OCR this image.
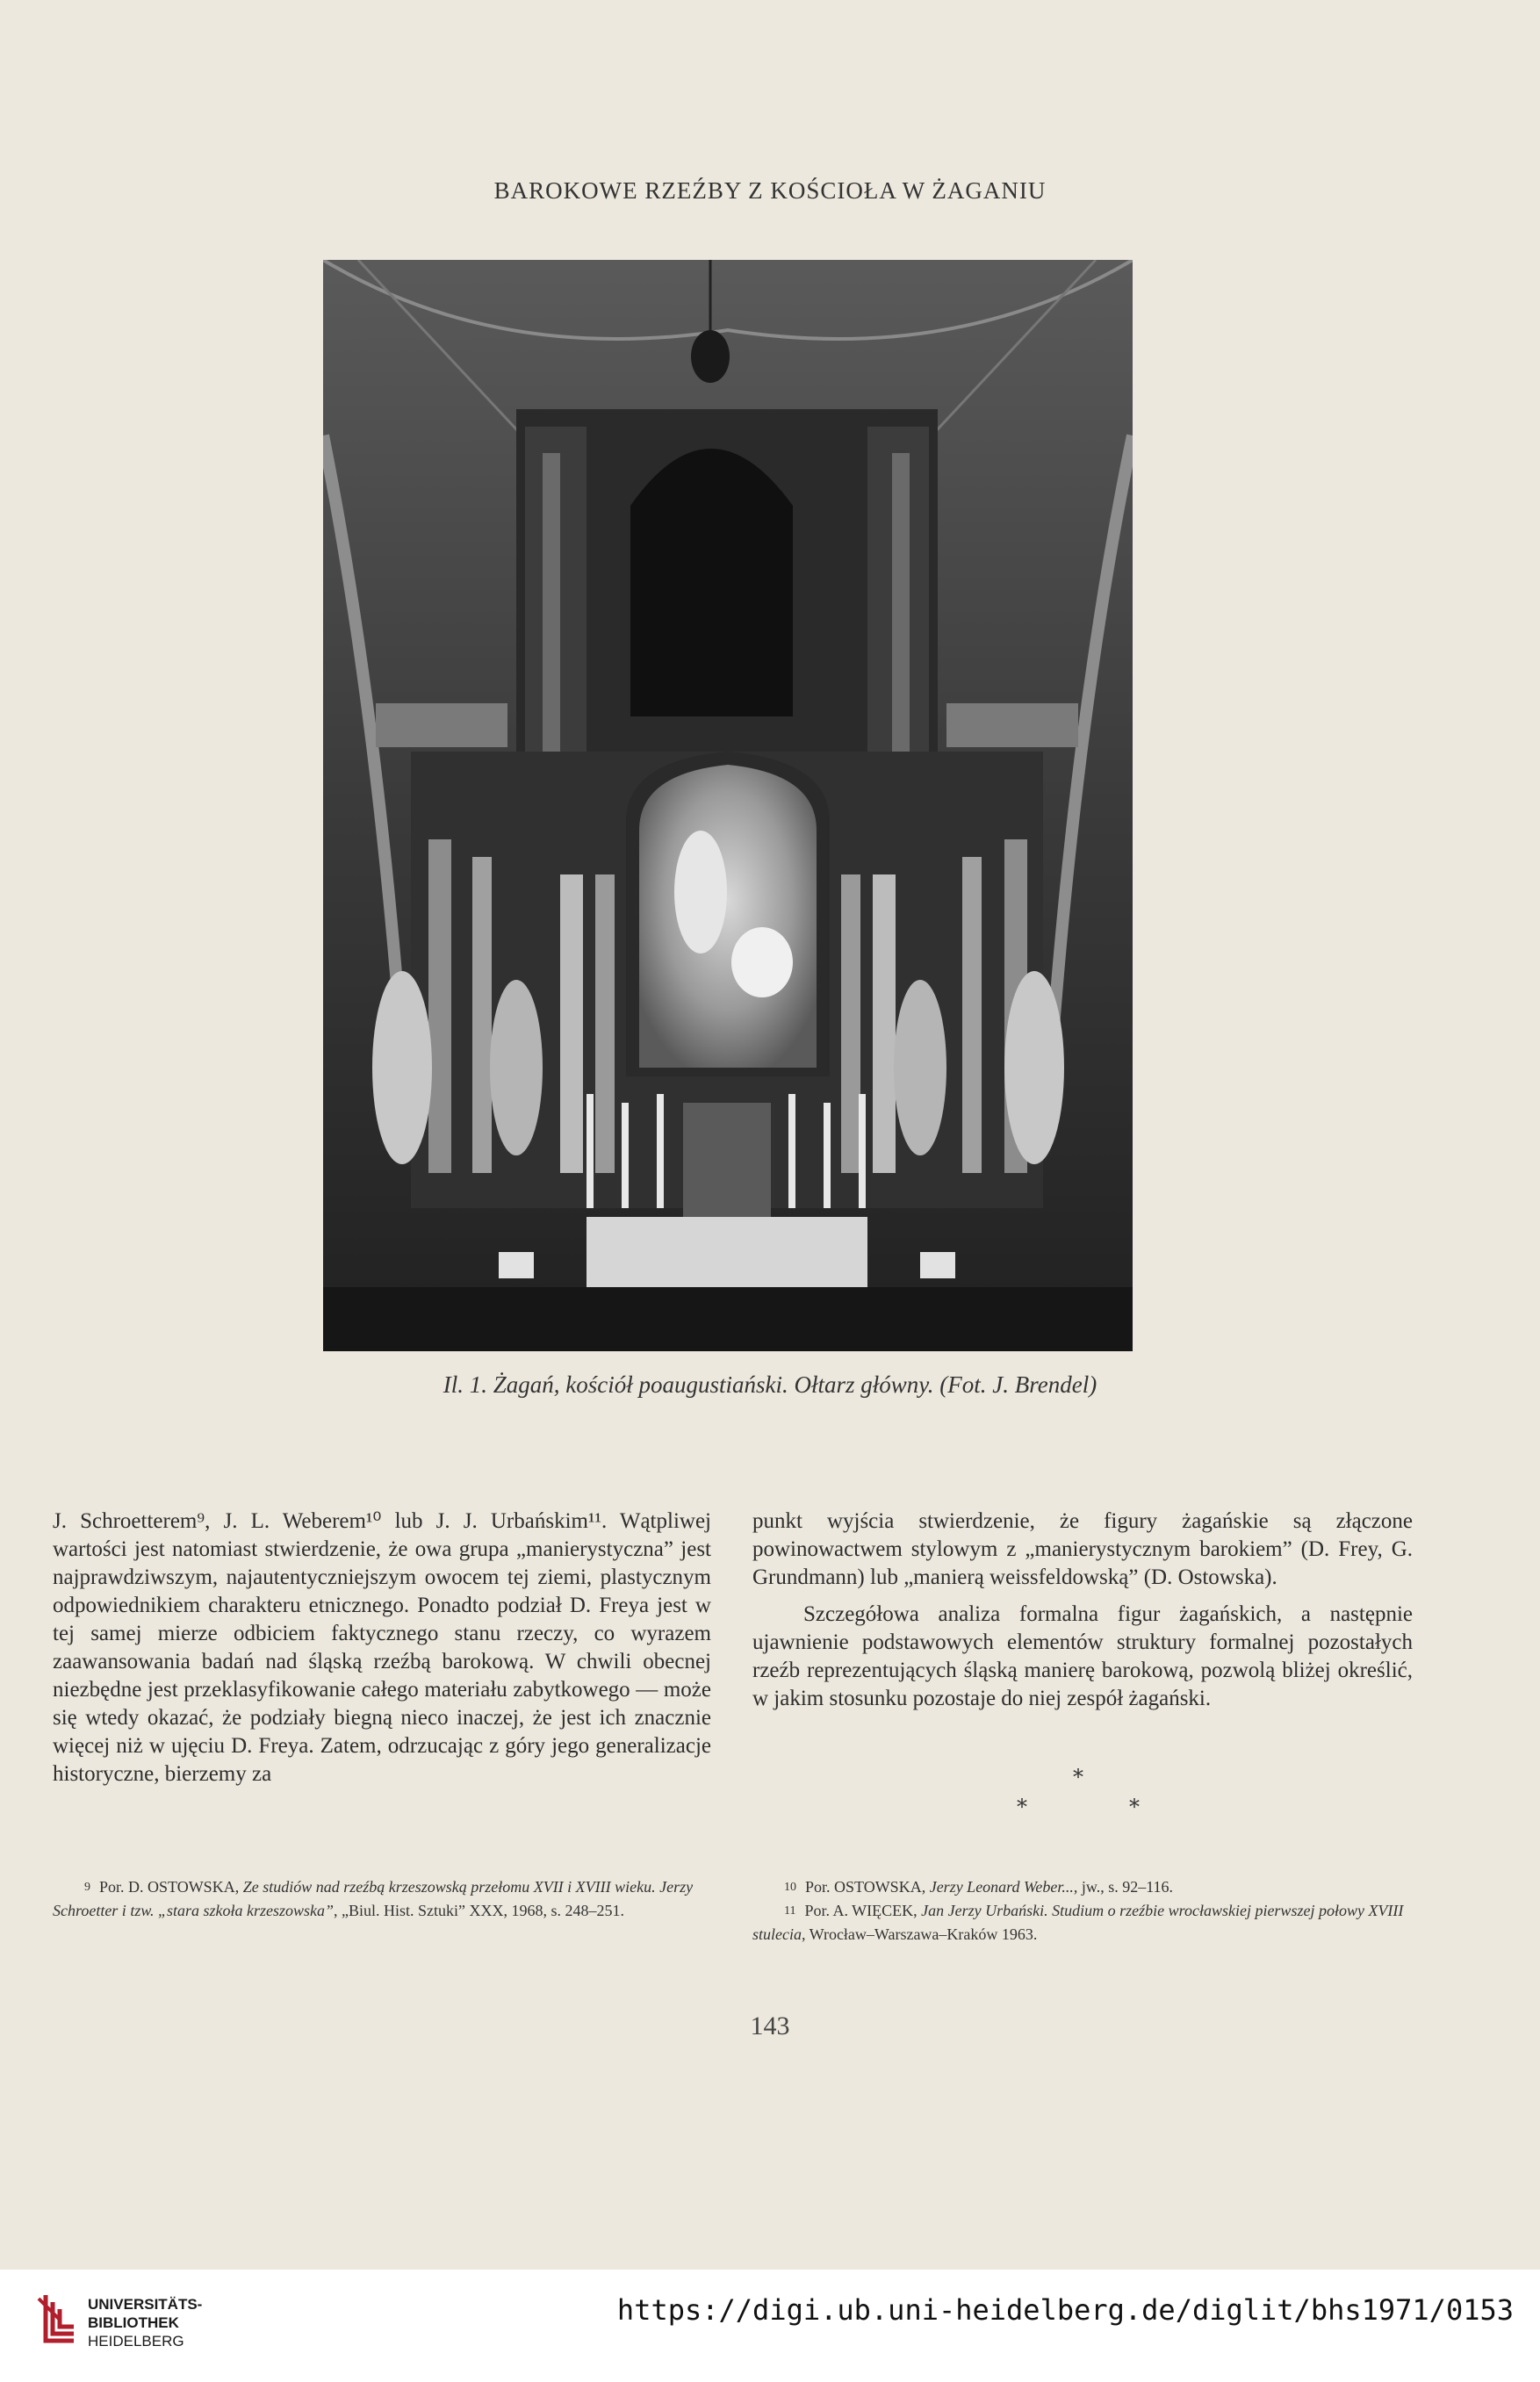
BAROKOWE RZEŹBY Z KOŚCIOŁA W ŻAGANIU
Il. 1. Żagań, kościół poaugustiański. Ołtarz główny. (Fot. J. Brendel)

J. Schroetterem⁹, J. L. Weberem¹⁰ lub J. J. Urbańskim¹¹. Wątpliwej wartości jest natomiast stwierdzenie, że owa grupa „manierystyczna” jest najprawdziwszym, najautentyczniejszym owocem tej ziemi, plastycznym odpowiednikiem charakteru etnicznego. Ponadto podział D. Freya jest w tej samej mierze odbiciem faktycznego stanu rzeczy, co wyrazem zaawansowania badań nad śląską rzeźbą barokową. W chwili obecnej niezbędne jest przeklasyfikowanie całego materiału zabytkowego — może się wtedy okazać, że podziały biegną nieco inaczej, że jest ich znacznie więcej niż w ujęciu D. Freya. Zatem, odrzucając z góry jego generalizacje historyczne, bierzemy za

punkt wyjścia stwierdzenie, że figury żagańskie są złączone powinowactwem stylowym z „manierystycznym barokiem” (D. Frey, G. Grundmann) lub „manierą weissfeldowską” (D. Ostowska).

Szczegółowa analiza formalna figur żagańskich, a następnie ujawnienie podstawowych elementów struktury formalnej pozostałych rzeźb reprezentujących śląską manierę barokową, pozwolą bliżej określić, w jakim stosunku pozostaje do niej zespół żagański.

*
*	*

9 Por. D. OSTOWSKA, Ze studiów nad rzeźbą krzeszowską przełomu XVII i XVIII wieku. Jerzy Schroetter i tzw. „stara szkoła krzeszowska”, „Biul. Hist. Sztuki” XXX, 1968, s. 248–251.

10 Por. OSTOWSKA, Jerzy Leonard Weber..., jw., s. 92–116.

11 Por. A. WIĘCEK, Jan Jerzy Urbański. Studium o rzeźbie wrocławskiej pierwszej połowy XVIII stulecia, Wrocław–Warszawa–Kraków 1963.

143
UNIVERSITÄTS-
BIBLIOTHEK
HEIDELBERG
https://digi.ub.uni-heidelberg.de/diglit/bhs1971/0153
